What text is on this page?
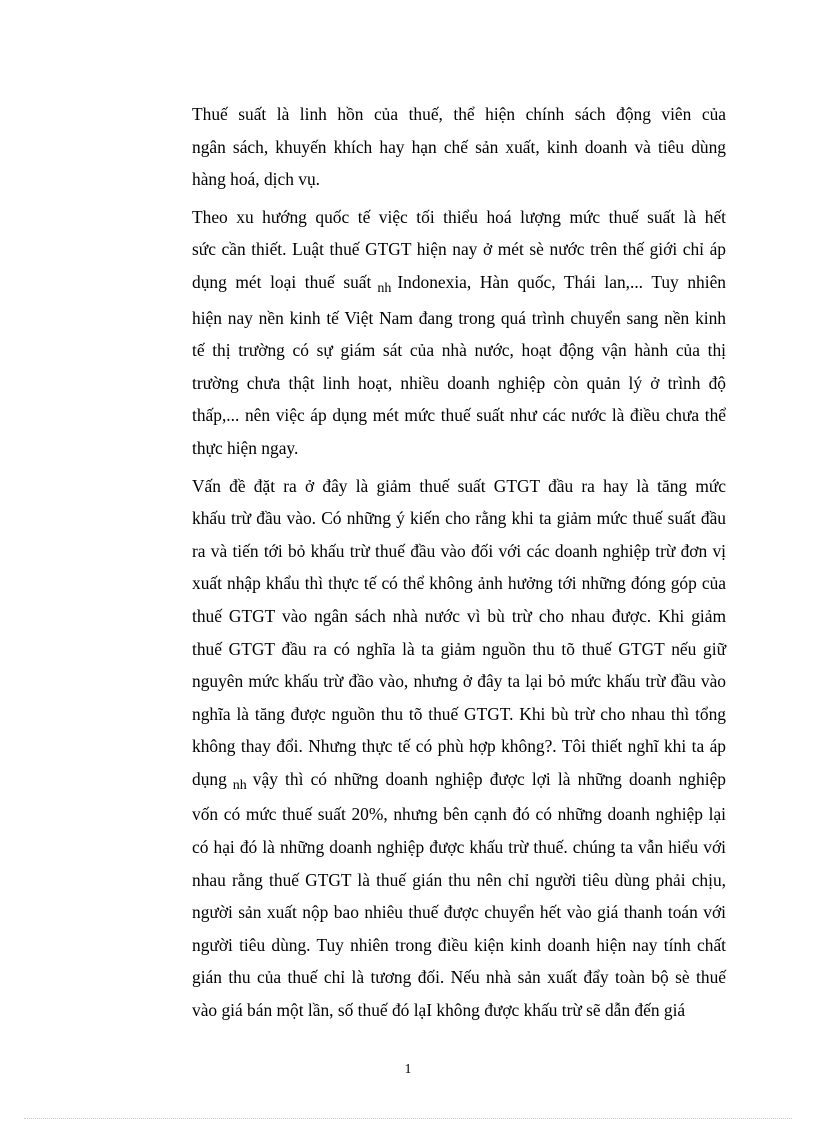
Thuế suất là linh hồn của thuế, thể hiện chính sách động viên của
ngân sách, khuyến khích hay hạn chế sản xuất, kinh doanh và tiêu dùng
hàng hoá, dịch vụ.

Theo xu hướng quốc tế việc tối thiểu hoá lượng mức thuế suất là hết
sức cần thiết. Luật thuế GTGT hiện nay ở mét sè nước trên thế giới chỉ áp
dụng mét loại thuế suất $_{nh}$ Indonexia, Hàn quốc, Thái lan,... Tuy nhiên
hiện nay nền kinh tế Việt Nam đang trong quá trình chuyển sang nền kinh
tế thị trường có sự giám sát của nhà nước, hoạt động vận hành của thị
trường chưa thật linh hoạt, nhiều doanh nghiệp còn quản lý ở trình độ
thấp,... nên việc áp dụng mét mức thuế suất như các nước là điều chưa thể
thực hiện ngay.

Vấn đề đặt ra ở đây là giảm thuế suất GTGT đầu ra hay là tăng mức
khấu trừ đầu vào. Có những ý kiến cho rằng khi ta giảm mức thuế suất đầu
ra và tiến tới bỏ khấu trừ thuế đầu vào đối với các doanh nghiệp trừ đơn vị
xuất nhập khẩu thì thực tế có thể không ảnh hưởng tới những đóng góp của
thuế GTGT vào ngân sách nhà nước vì bù trừ cho nhau được. Khi giảm
thuế GTGT đầu ra có nghĩa là ta giảm nguồn thu tõ thuế GTGT nếu giữ
nguyên mức khấu trừ đầo vào, nhưng ở đây ta lại bỏ mức khấu trừ đầu vào
nghĩa là tăng được nguồn thu tõ thuế GTGT. Khi bù trừ cho nhau thì tổng
không thay đổi. Nhưng thực tế có phù hợp không?. Tôi thiết nghĩ khi ta áp
dụng $_{nh}$ vậy thì có những doanh nghiệp được lợi là những doanh nghiệp
vốn có mức thuế suất 20%, nhưng bên cạnh đó có những doanh nghiệp lại
có hại đó là những doanh nghiệp được khấu trừ thuế. chúng ta vẫn hiểu với
nhau rằng thuế GTGT là thuế gián thu nên chỉ người tiêu dùng phải chịu,
người sản xuất nộp bao nhiêu thuế được chuyển hết vào giá thanh toán với
người tiêu dùng. Tuy nhiên trong điều kiện kinh doanh hiện nay tính chất
gián thu của thuế chỉ là tương đối. Nếu nhà sản xuất đẩy toàn bộ sè thuế
vào giá bán một lần, số thuế đó lạI không được khấu trừ sẽ dẫn đến giá

1
